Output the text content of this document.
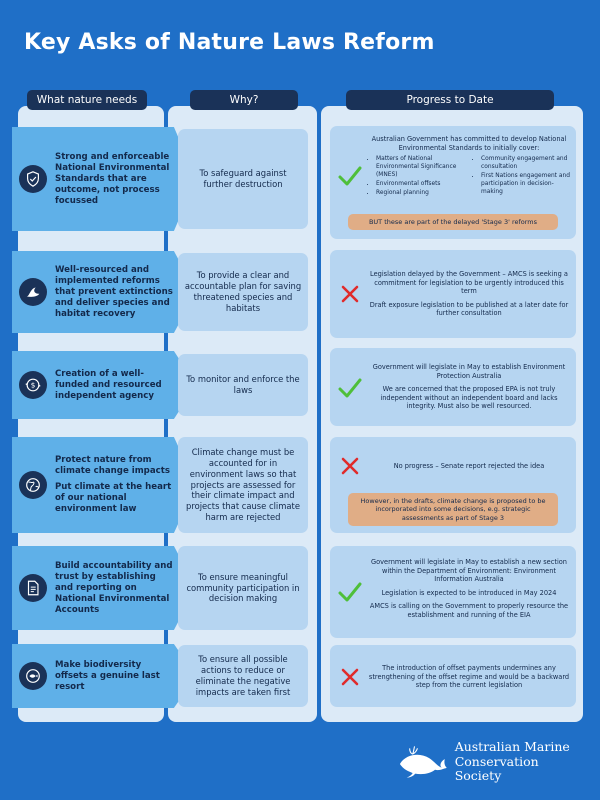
Key Asks of Nature Laws Reform
What nature needs	Why?	Progress to Date

Strong and enforceable National Environmental Standards that are outcome, not process focussed

To safeguard against further destruction

Australian Government has committed to develop National Environmental Standards to initially cover:

• Matters of National Environmental Significance (MNES)
• Environmental offsets
• Regional planning
• Community engagement and consultation
• First Nations engagement and participation in decision-making
BUT these are part of the delayed 'Stage 3' reforms

Well-resourced and implemented reforms that prevent extinctions and deliver species and habitat recovery

To provide a clear and accountable plan for saving threatened species and habitats

Legislation delayed by the Government – AMCS is seeking a commitment for legislation to be urgently introduced this term

Draft exposure legislation to be published at a later date for further consultation

$

Creation of a well-funded and resourced independent agency

To monitor and enforce the laws

Government will legislate in May to establish Environment Protection Australia

We are concerned that the proposed EPA is not truly independent without an independent board and lacks integrity. Must also be well resourced.

Protect nature from climate change impacts

Put climate at the heart of our national environment law

Climate change must be accounted for in environment laws so that projects are assessed for their climate impact and projects that cause climate harm are rejected

No progress – Senate report rejected the idea

However, in the drafts, climate change is proposed to be incorporated into some decisions, e.g. strategic assessments as part of Stage 3

Build accountability and trust by establishing and reporting on National Environmental Accounts

To ensure meaningful community participation in decision making

Government will legislate in May to establish a new section within the Department of Environment: Environment Information Australia

Legislation is expected to be introduced in May 2024

AMCS is calling on the Government to properly resource the establishment and running of the EIA

Make biodiversity offsets a genuine last resort

To ensure all possible actions to reduce or eliminate the negative impacts are taken first

The introduction of offset payments undermines any strengthening of the offset regime and would be a backward step from the current legislation

Australian Marine
Conservation Society
